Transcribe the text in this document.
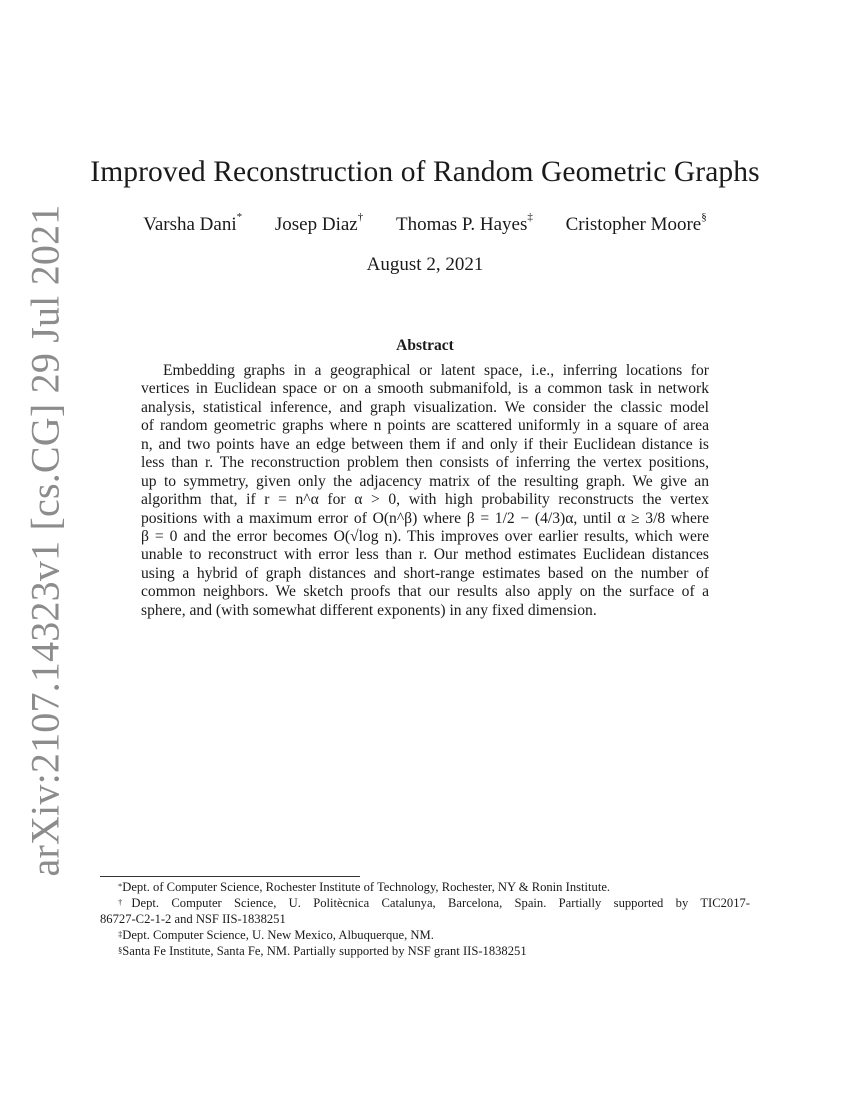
arXiv:2107.14323v1 [cs.CG] 29 Jul 2021
Improved Reconstruction of Random Geometric Graphs
Varsha Dani* Josep Diaz† Thomas P. Hayes‡ Cristopher Moore§
August 2, 2021
Abstract
Embedding graphs in a geographical or latent space, i.e., inferring locations for
vertices in Euclidean space or on a smooth submanifold, is a common task in network
analysis, statistical inference, and graph visualization. We consider the classic model
of random geometric graphs where n points are scattered uniformly in a square of area
n, and two points have an edge between them if and only if their Euclidean distance is
less than r. The reconstruction problem then consists of inferring the vertex positions,
up to symmetry, given only the adjacency matrix of the resulting graph. We give an
algorithm that, if r = n^α for α > 0, with high probability reconstructs the vertex
positions with a maximum error of O(n^β) where β = 1/2 − (4/3)α, until α ≥ 3/8 where
β = 0 and the error becomes O(√log n). This improves over earlier results, which were
unable to reconstruct with error less than r. Our method estimates Euclidean distances
using a hybrid of graph distances and short-range estimates based on the number of
common neighbors. We sketch proofs that our results also apply on the surface of a
sphere, and (with somewhat different exponents) in any fixed dimension.
*Dept. of Computer Science, Rochester Institute of Technology, Rochester, NY & Ronin Institute.
†Dept. Computer Science, U. Politècnica Catalunya, Barcelona, Spain. Partially supported by TIC2017-
86727-C2-1-2 and NSF IIS-1838251
‡Dept. Computer Science, U. New Mexico, Albuquerque, NM.
§Santa Fe Institute, Santa Fe, NM. Partially supported by NSF grant IIS-1838251
